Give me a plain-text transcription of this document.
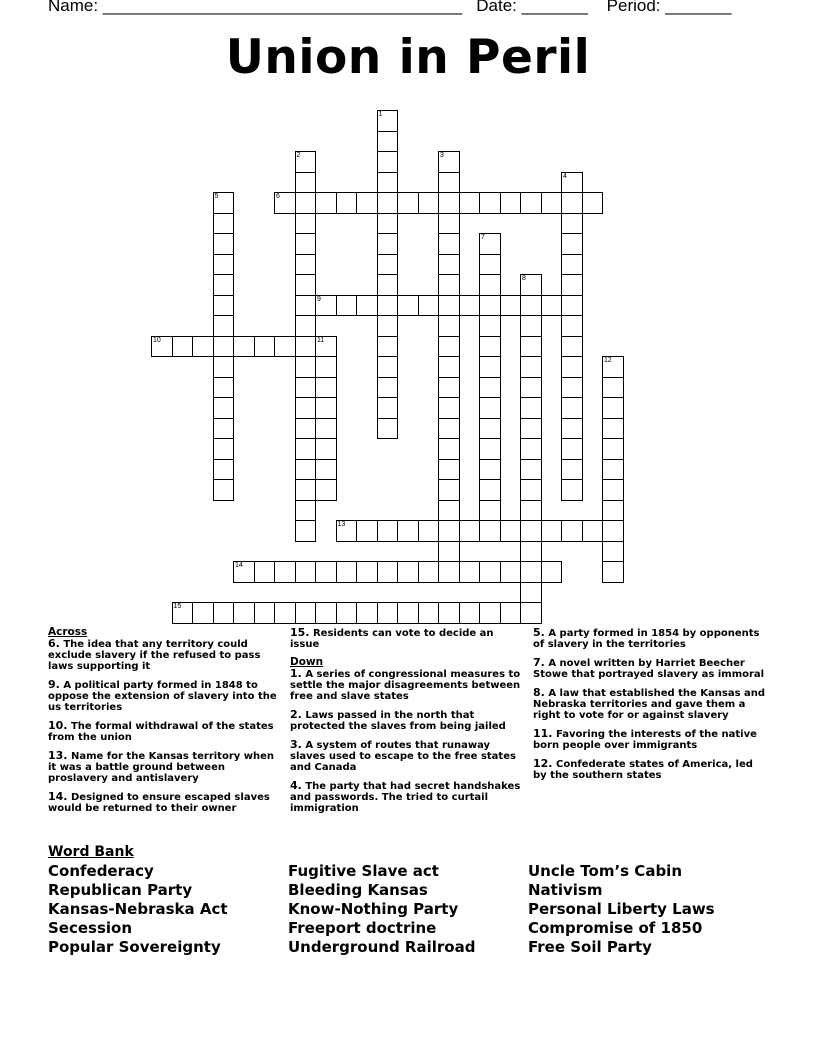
Name: ______________________________________   Date: _______    Period: _______
Union in Peril
1
2	3
4
5	6
7
8
9
10	11
12
13
14
15
Across
6. The idea that any territory could exclude slavery if the refused to pass laws supporting it
9. A political party formed in 1848 to oppose the extension of slavery into the us territories
10. The formal withdrawal of the states from the union
13. Name for the Kansas territory when it was a battle ground between proslavery and antislavery
14. Designed to ensure escaped slaves would be returned to their owner
15. Residents can vote to decide an issue
Down
1. A series of congressional measures to settle the major disagreements between free and slave states
2. Laws passed in the north that protected the slaves from being jailed
3. A system of routes that runaway slaves used to escape to the free states and Canada
4. The party that had secret handshakes and passwords. The tried to curtail immigration
5. A party formed in 1854 by opponents of slavery in the territories
7. A novel written by Harriet Beecher Stowe that portrayed slavery as immoral
8. A law that established the Kansas and Nebraska territories and gave them a right to vote for or against slavery
11. Favoring the interests of the native born people over immigrants
12. Confederate states of America, led by the southern states
Word Bank
Confederacy
Republican Party
Kansas-Nebraska Act
Secession
Popular Sovereignty
Fugitive Slave act
Bleeding Kansas
Know-Nothing Party
Freeport doctrine
Underground Railroad
Uncle Tom’s Cabin
Nativism
Personal Liberty Laws
Compromise of 1850
Free Soil Party
